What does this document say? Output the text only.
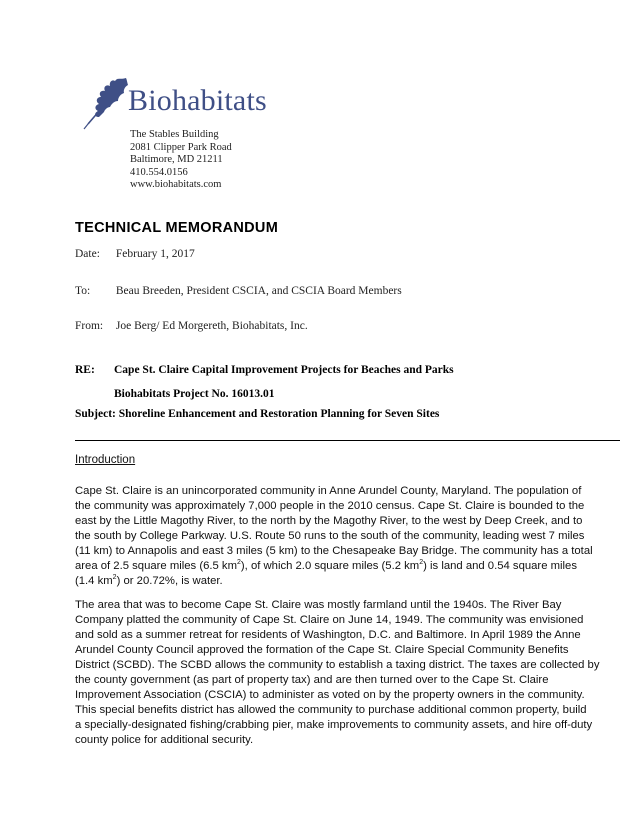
Biohabitats
The Stables Building
2081 Clipper Park Road
Baltimore, MD 21211
410.554.0156
www.biohabitats.com
TECHNICAL MEMORANDUM
Date: February 1, 2017
To: Beau Breeden, President CSCIA, and CSCIA Board Members
From: Joe Berg/ Ed Morgereth, Biohabitats, Inc.
RE: Cape St. Claire Capital Improvement Projects for Beaches and Parks
Biohabitats Project No. 16013.01
Subject: Shoreline Enhancement and Restoration Planning for Seven Sites
Introduction
Cape St. Claire is an unincorporated community in Anne Arundel County, Maryland. The population of
the community was approximately 7,000 people in the 2010 census. Cape St. Claire is bounded to the
east by the Little Magothy River, to the north by the Magothy River, to the west by Deep Creek, and to
the south by College Parkway. U.S. Route 50 runs to the south of the community, leading west 7 miles
(11 km) to Annapolis and east 3 miles (5 km) to the Chesapeake Bay Bridge. The community has a total
area of 2.5 square miles (6.5 $km^2$), of which 2.0 square miles (5.2 $km^2$) is land and 0.54 square miles
(1.4 $km^2$) or 20.72%, is water.
The area that was to become Cape St. Claire was mostly farmland until the 1940s. The River Bay
Company platted the community of Cape St. Claire on June 14, 1949. The community was envisioned
and sold as a summer retreat for residents of Washington, D.C. and Baltimore. In April 1989 the Anne
Arundel County Council approved the formation of the Cape St. Claire Special Community Benefits
District (SCBD). The SCBD allows the community to establish a taxing district. The taxes are collected by
the county government (as part of property tax) and are then turned over to the Cape St. Claire
Improvement Association (CSCIA) to administer as voted on by the property owners in the community.
This special benefits district has allowed the community to purchase additional common property, build
a specially-designated fishing/crabbing pier, make improvements to community assets, and hire off-duty
county police for additional security.
